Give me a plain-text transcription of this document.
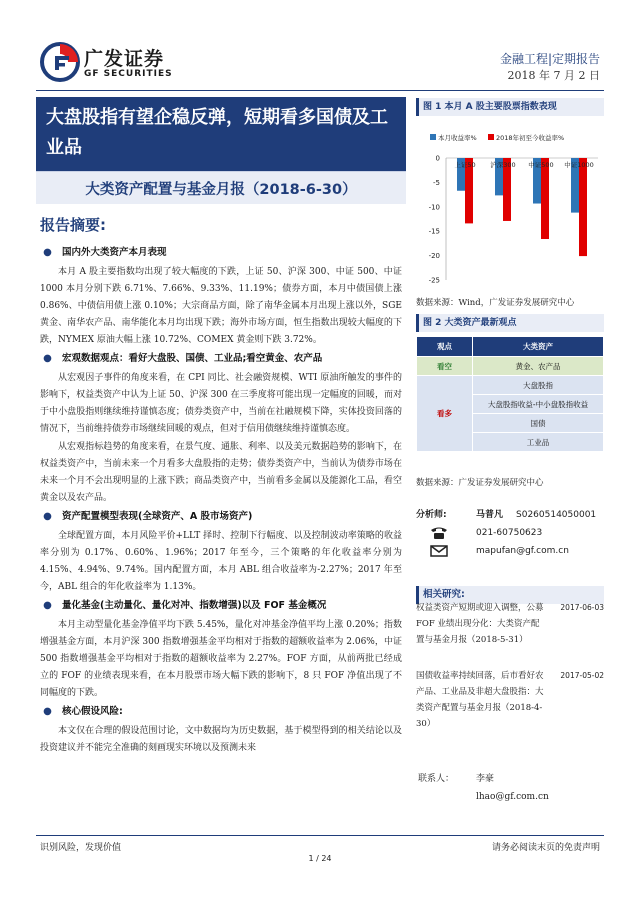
广发证券
GF SECURITIES
金融工程|定期报告
2018 年 7 月 2 日
大盘股指有望企稳反弹，短期看多国债及工业品
大类资产配置与基金月报（2018-6-30）
报告摘要:
● 国内外大类资产本月表现

本月 A 股主要指数均出现了较大幅度的下跌，上证 50、沪深 300、中证 500、中证 1000 本月分别下跌 6.71%、7.66%、9.33%、11.19%；债券方面，本月中债国债上涨 0.86%、中债信用债上涨 0.10%；大宗商品方面，除了南华金属本月出现上涨以外，SGE 黄金、南华农产品、南华能化本月均出现下跌；海外市场方面，恒生指数出现较大幅度的下跌，NYMEX 原油大幅上涨 10.72%、COMEX 黄金则下跌 3.72%。

● 宏观数据观点：看好大盘股、国债、工业品;看空黄金、农产品

从宏观因子事件的角度来看，在 CPI 同比、社会融资规模、WTI 原油所触发的事件的影响下，权益类资产中认为上证 50、沪深 300 在三季度将可能出现一定幅度的回暖，而对于中小盘股指则继续维持谨慎态度；债券类资产中，当前在社融规模下降，实体投资回落的情况下，当前维持债券市场继续回暖的观点，但对于信用债继续维持谨慎态度。

从宏观指标趋势的角度来看，在景气度、通胀、利率、以及美元数据趋势的影响下，在权益类资产中，当前未来一个月看多大盘股指的走势；债券类资产中，当前认为债券市场在未来一个月不会出现明显的上涨下跌；商品类资产中，当前看多金属以及能源化工品，看空黄金以及农产品。

● 资产配置模型表现(全球资产、A 股市场资产)

全球配置方面，本月风险平价+LLT 择时、控制下行幅度、以及控制波动率策略的收益率分别为 0.17%、0.60%、1.96%；2017 年至今，三个策略的年化收益率分别为 4.15%、4.94%、9.74%。国内配置方面，本月 ABL 组合收益率为-2.27%；2017 年至今，ABL 组合的年化收益率为 1.13%。

● 量化基金(主动量化、量化对冲、指数增强)以及 FOF 基金概况

本月主动型量化基金净值平均下跌 5.45%，量化对冲基金净值平均上涨 0.20%；指数增强基金方面，本月沪深 300 指数增强基金平均相对于指数的超额收益率为 2.06%，中证 500 指数增强基金平均相对于指数的超额收益率为 2.27%。FOF 方面，从前两批已经成立的 FOF 的业绩表现来看，在本月股票市场大幅下跌的影响下，8 只 FOF 净值出现了不同幅度的下跌。

● 核心假设风险:

本文仅在合理的假设范围讨论，文中数据均为历史数据，基于模型得到的相关结论以及投资建议并不能完全准确的刻画现实环境以及预测未来

图 1 本月 A 股主要股票指数表现
本月收益率%	2018年初至今收益率%
0
-5
-10
-15
-20
-25
上证50 沪深300 中证500 中证1000
数据来源：Wind，广发证券发展研究中心
图 2 大类资产最新观点
观点	大类资产
看空	黄金、农产品
看多	大盘股指
	大盘股指收益-中小盘股指收益
	国债
	工业品
数据来源：广发证券发展研究中心
分析师:	马普凡 S0260514050001
021-60750623
mapufan@gf.com.cn
相关研究:
权益类资产短期或迎入调整，公募 FOF 业绩出现分化：大类资产配置与基金月报（2018-5-31）
2017-06-03
国债收益率持续回落，后市看好农产品、工业品及非超大盘股指：大类资产配置与基金月报（2018-4-30）
2017-05-02
联系人： 李豪
lhao@gf.com.cn
识别风险，发现价值	请务必阅读末页的免责声明
1 / 24
